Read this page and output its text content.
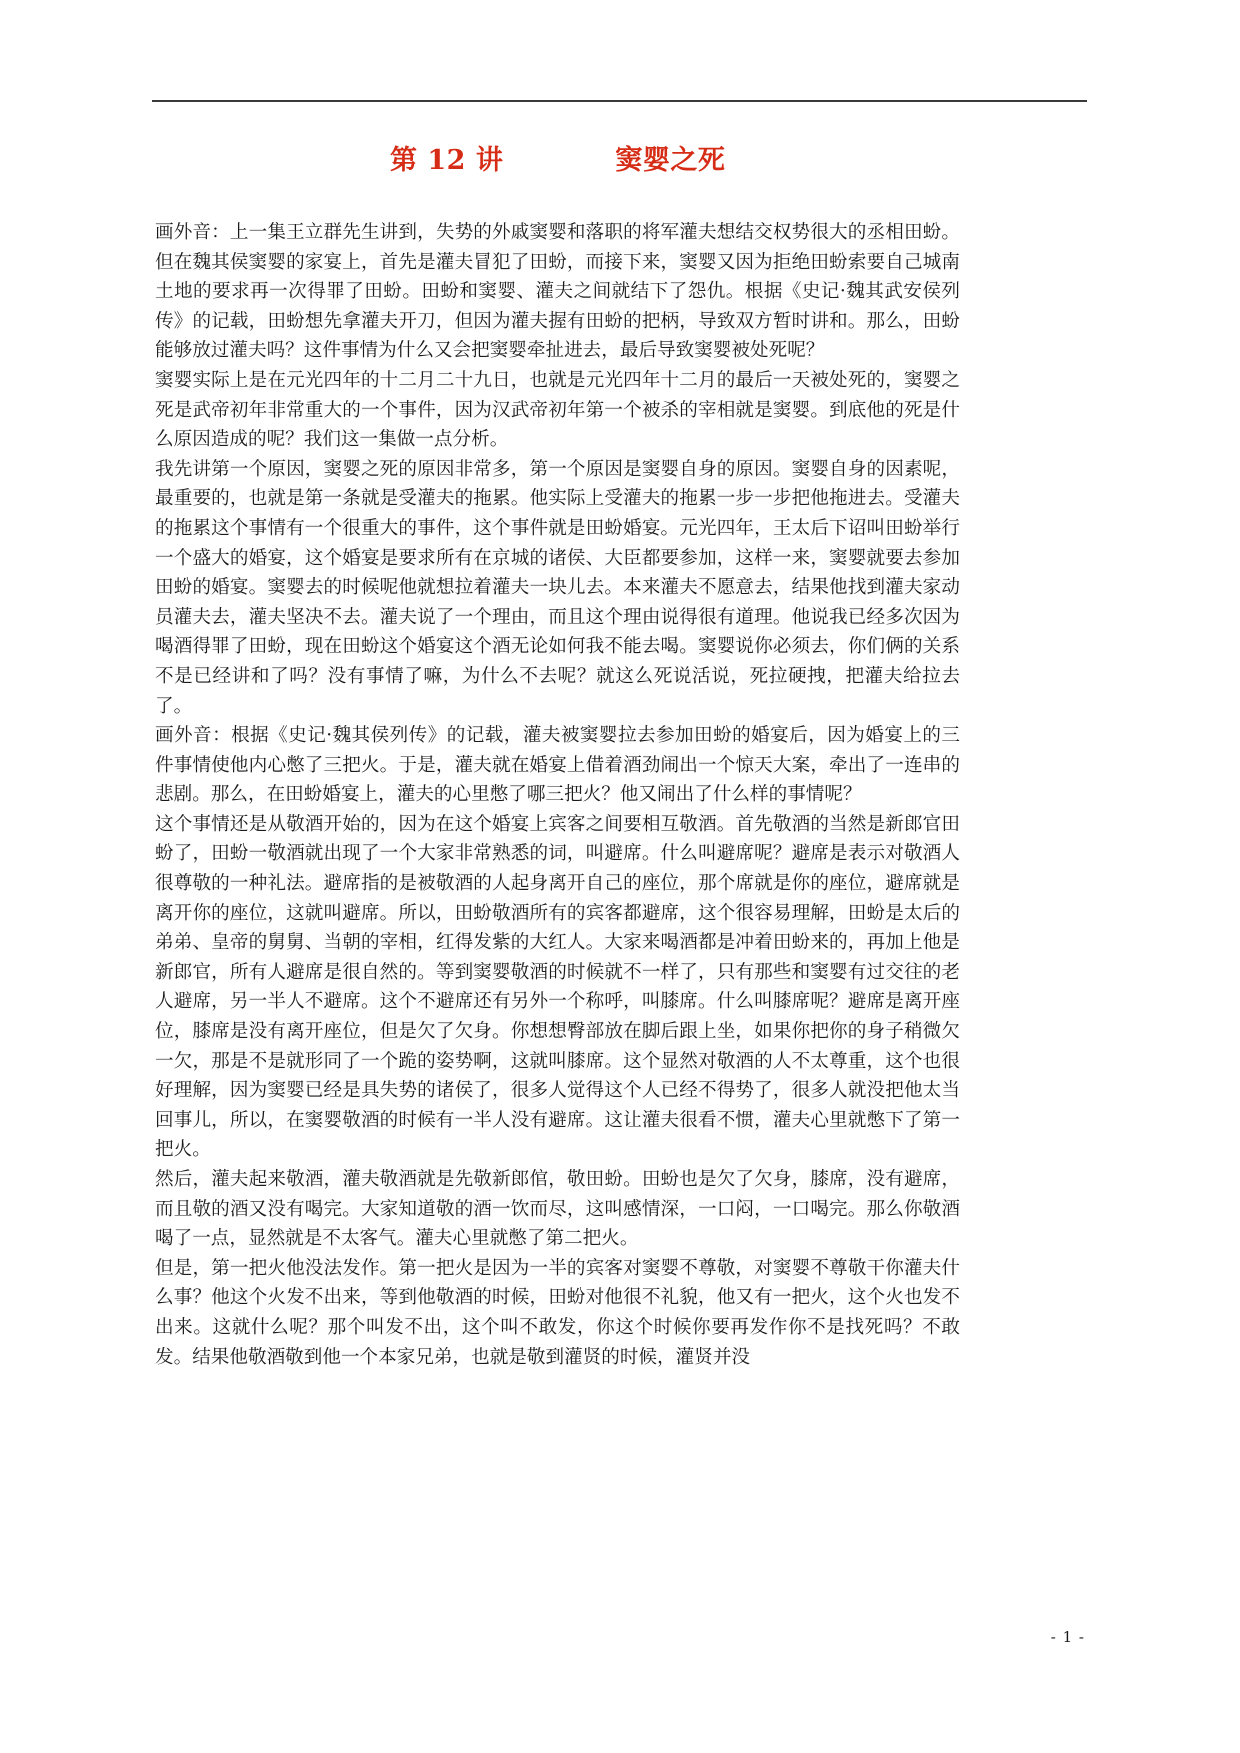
第 12 讲	窦婴之死

画外音：上一集王立群先生讲到，失势的外戚窦婴和落职的将军灌夫想结交权势很大的丞相田蚡。但在魏其侯窦婴的家宴上，首先是灌夫冒犯了田蚡，而接下来，窦婴又因为拒绝田蚡索要自己城南土地的要求再一次得罪了田蚡。田蚡和窦婴、灌夫之间就结下了怨仇。根据《史记·魏其武安侯列传》的记载，田蚡想先拿灌夫开刀，但因为灌夫握有田蚡的把柄，导致双方暂时讲和。那么，田蚡能够放过灌夫吗？这件事情为什么又会把窦婴牵扯进去，最后导致窦婴被处死呢？

窦婴实际上是在元光四年的十二月二十九日，也就是元光四年十二月的最后一天被处死的，窦婴之死是武帝初年非常重大的一个事件，因为汉武帝初年第一个被杀的宰相就是窦婴。到底他的死是什么原因造成的呢？我们这一集做一点分析。

我先讲第一个原因，窦婴之死的原因非常多，第一个原因是窦婴自身的原因。窦婴自身的因素呢，最重要的，也就是第一条就是受灌夫的拖累。他实际上受灌夫的拖累一步一步把他拖进去。受灌夫的拖累这个事情有一个很重大的事件，这个事件就是田蚡婚宴。元光四年，王太后下诏叫田蚡举行一个盛大的婚宴，这个婚宴是要求所有在京城的诸侯、大臣都要参加，这样一来，窦婴就要去参加田蚡的婚宴。窦婴去的时候呢他就想拉着灌夫一块儿去。本来灌夫不愿意去，结果他找到灌夫家动员灌夫去，灌夫坚决不去。灌夫说了一个理由，而且这个理由说得很有道理。他说我已经多次因为喝酒得罪了田蚡，现在田蚡这个婚宴这个酒无论如何我不能去喝。窦婴说你必须去，你们俩的关系不是已经讲和了吗？没有事情了嘛，为什么不去呢？就这么死说活说，死拉硬拽，把灌夫给拉去了。

画外音：根据《史记·魏其侯列传》的记载，灌夫被窦婴拉去参加田蚡的婚宴后，因为婚宴上的三件事情使他内心憋了三把火。于是，灌夫就在婚宴上借着酒劲闹出一个惊天大案，牵出了一连串的悲剧。那么，在田蚡婚宴上，灌夫的心里憋了哪三把火？他又闹出了什么样的事情呢？

这个事情还是从敬酒开始的，因为在这个婚宴上宾客之间要相互敬酒。首先敬酒的当然是新郎官田蚡了，田蚡一敬酒就出现了一个大家非常熟悉的词，叫避席。什么叫避席呢？避席是表示对敬酒人很尊敬的一种礼法。避席指的是被敬酒的人起身离开自己的座位，那个席就是你的座位，避席就是离开你的座位，这就叫避席。所以，田蚡敬酒所有的宾客都避席，这个很容易理解，田蚡是太后的弟弟、皇帝的舅舅、当朝的宰相，红得发紫的大红人。大家来喝酒都是冲着田蚡来的，再加上他是新郎官，所有人避席是很自然的。等到窦婴敬酒的时候就不一样了，只有那些和窦婴有过交往的老人避席，另一半人不避席。这个不避席还有另外一个称呼，叫膝席。什么叫膝席呢？避席是离开座位，膝席是没有离开座位，但是欠了欠身。你想想臀部放在脚后跟上坐，如果你把你的身子稍微欠一欠，那是不是就形同了一个跪的姿势啊，这就叫膝席。这个显然对敬酒的人不太尊重，这个也很好理解，因为窦婴已经是具失势的诸侯了，很多人觉得这个人已经不得势了，很多人就没把他太当回事儿，所以，在窦婴敬酒的时候有一半人没有避席。这让灌夫很看不惯，灌夫心里就憋下了第一把火。

然后，灌夫起来敬酒，灌夫敬酒就是先敬新郎倌，敬田蚡。田蚡也是欠了欠身，膝席，没有避席，而且敬的酒又没有喝完。大家知道敬的酒一饮而尽，这叫感情深，一口闷，一口喝完。那么你敬酒喝了一点，显然就是不太客气。灌夫心里就憋了第二把火。

但是，第一把火他没法发作。第一把火是因为一半的宾客对窦婴不尊敬，对窦婴不尊敬干你灌夫什么事？他这个火发不出来，等到他敬酒的时候，田蚡对他很不礼貌，他又有一把火，这个火也发不出来。这就什么呢？那个叫发不出，这个叫不敢发，你这个时候你要再发作你不是找死吗？不敢发。结果他敬酒敬到他一个本家兄弟，也就是敬到灌贤的时候，灌贤并没

- 1 -
